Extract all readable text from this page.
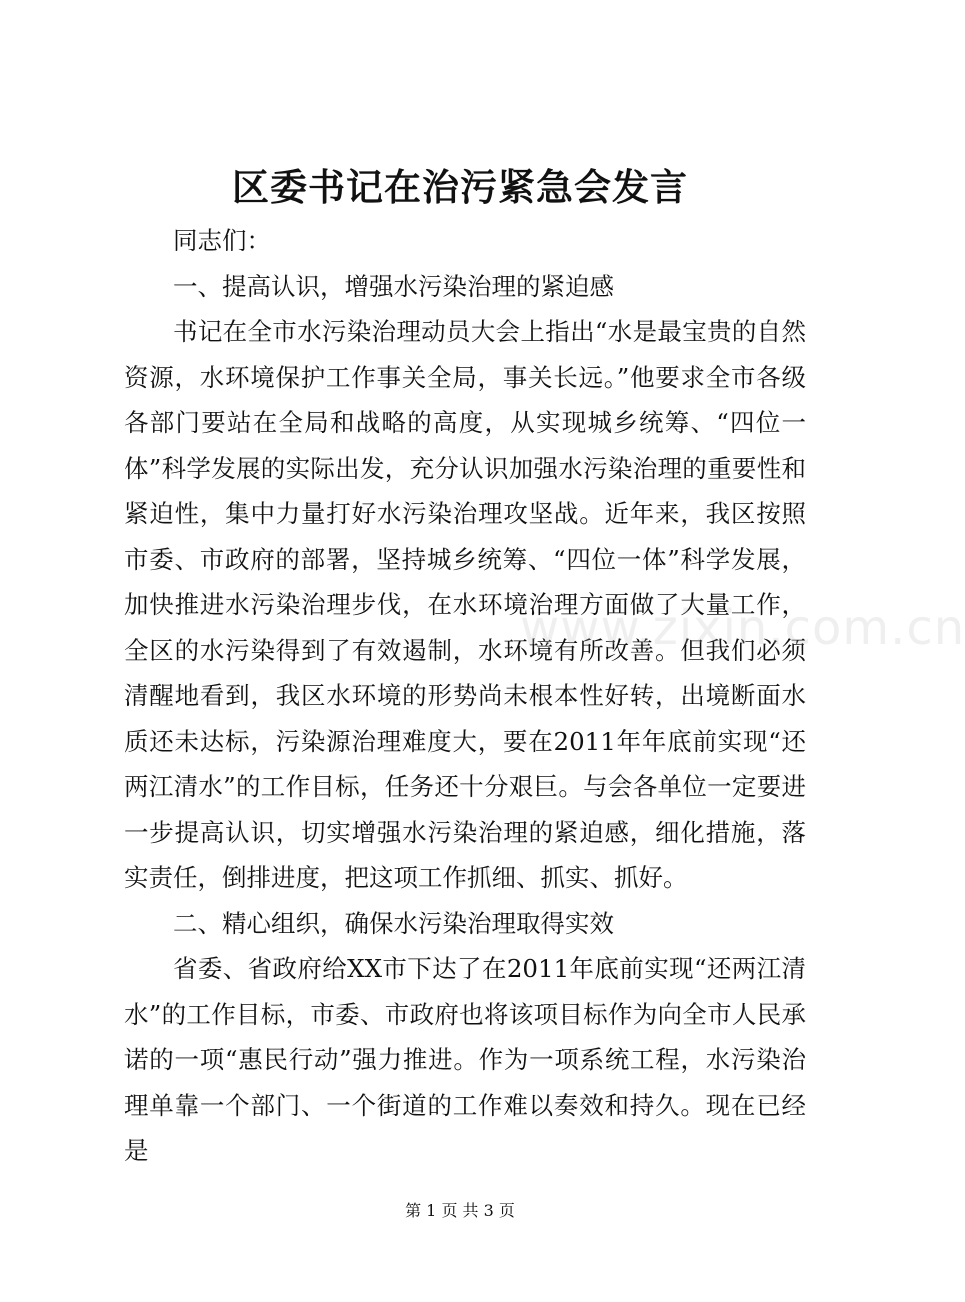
区委书记在治污紧急会发言

同志们：

一、提高认识，增强水污染治理的紧迫感

书记在全市水污染治理动员大会上指出“水是最宝贵的自然资源，水环境保护工作事关全局，事关长远。”他要求全市各级各部门要站在全局和战略的高度，从实现城乡统筹、“四位一体”科学发展的实际出发，充分认识加强水污染治理的重要性和紧迫性，集中力量打好水污染治理攻坚战。近年来，我区按照市委、市政府的部署，坚持城乡统筹、“四位一体”科学发展，加快推进水污染治理步伐，在水环境治理方面做了大量工作，全区的水污染得到了有效遏制，水环境有所改善。但我们必须清醒地看到，我区水环境的形势尚未根本性好转，出境断面水质还未达标，污染源治理难度大，要在2011年年底前实现“还两江清水”的工作目标，任务还十分艰巨。与会各单位一定要进一步提高认识，切实增强水污染治理的紧迫感，细化措施，落实责任，倒排进度，把这项工作抓细、抓实、抓好。

二、精心组织，确保水污染治理取得实效

省委、省政府给XX市下达了在2011年底前实现“还两江清水”的工作目标，市委、市政府也将该项目标作为向全市人民承诺的一项“惠民行动”强力推进。作为一项系统工程，水污染治理单靠一个部门、一个街道的工作难以奏效和持久。现在已经是

www.zixin.com.cn
第 1 页 共 3 页
